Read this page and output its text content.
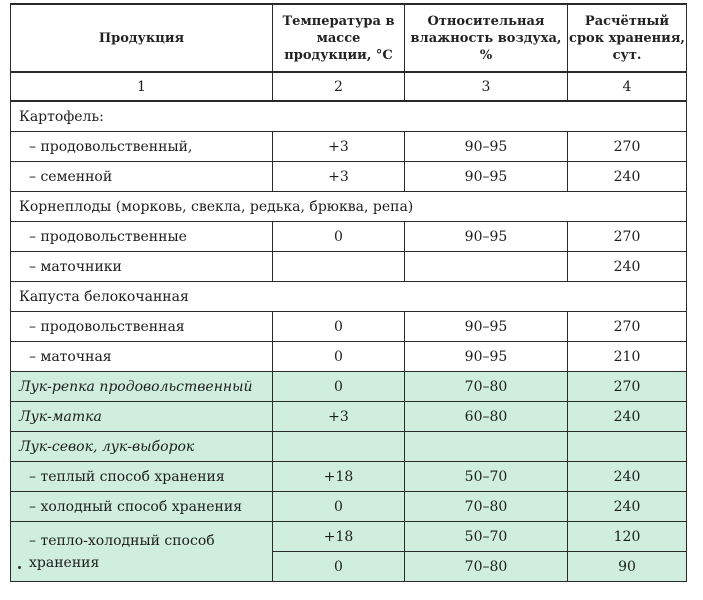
Продукция	Температура в массе продукции, °С	Относительная влажность воздуха, %	Расчётный срок хранения, сут.
1	2	3	4
Картофель:			
– продовольственный,	+3	90–95	270
– семенной	+3	90–95	240
Корнеплоды (морковь, свекла, редька, брюква, репа)			
– продовольственные	0	90–95	270
– маточники			240
Капуста белокочанная			
– продовольственная	0	90–95	270
– маточная	0	90–95	210
Лук-репка продовольственный	0	70–80	270
Лук-матка	+3	60–80	240
Лук-севок, лук-выборок			
– теплый способ хранения	+18	50–70	240
– холодный способ хранения	0	70–80	240
– тепло-холодный способ хранения	+18	50–70	120
	0	70–80	90
